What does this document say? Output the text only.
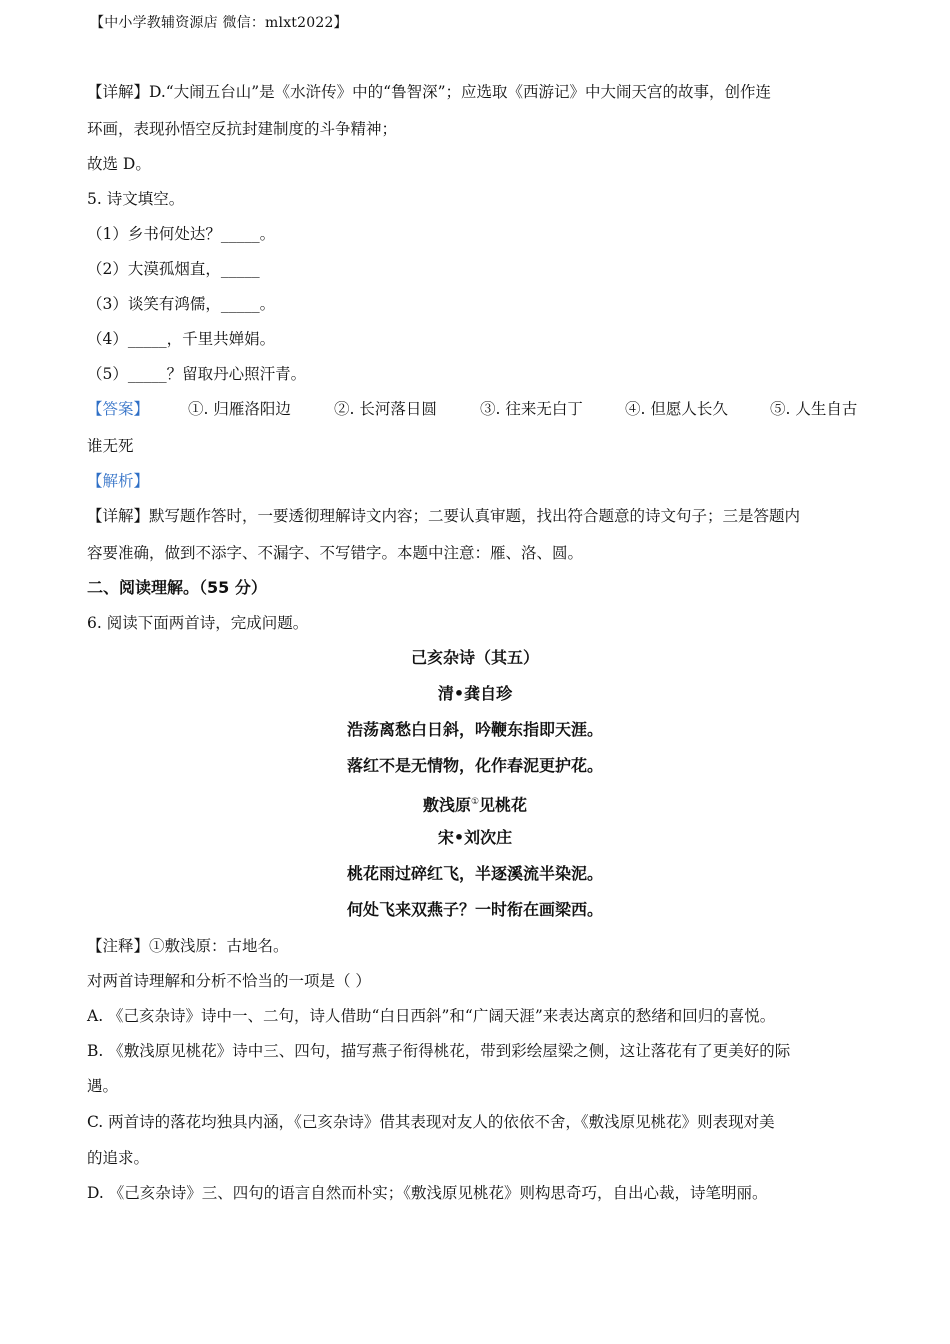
【中小学教辅资源店 微信：mlxt2022】
【详解】D.“大闹五台山”是《水浒传》中的“鲁智深”；应选取《西游记》中大闹天宫的故事，创作连
环画，表现孙悟空反抗封建制度的斗争精神；
故选 D。
5. 诗文填空。
（1）乡书何处达？_____。
（2）大漠孤烟直，_____
（3）谈笑有鸿儒，_____。
（4）_____，千里共婵娟。
（5）_____？留取丹心照汗青。
【答案】	①. 归雁洛阳边	②. 长河落日圆	③. 往来无白丁	④. 但愿人长久	⑤. 人生自古
谁无死
【解析】
【详解】默写题作答时，一要透彻理解诗文内容；二要认真审题，找出符合题意的诗文句子；三是答题内
容要准确，做到不添字、不漏字、不写错字。本题中注意：雁、洛、圆。
二、阅读理解。（55 分）
6. 阅读下面两首诗，完成问题。
己亥杂诗（其五）
清•龚自珍
浩荡离愁白日斜，吟鞭东指即天涯。
落红不是无情物，化作春泥更护花。
敷浅原①见桃花
宋•刘次庄
桃花雨过碎红飞，半逐溪流半染泥。
何处飞来双燕子？一时衔在画梁西。
【注释】①敷浅原：古地名。
对两首诗理解和分析不恰当的一项是（ ）
A. 《己亥杂诗》诗中一、二句，诗人借助“白日西斜”和“广阔天涯”来表达离京的愁绪和回归的喜悦。
B. 《敷浅原见桃花》诗中三、四句，描写燕子衔得桃花，带到彩绘屋梁之侧，这让落花有了更美好的际
遇。
C. 两首诗的落花均独具内涵，《己亥杂诗》借其表现对友人的依依不舍，《敷浅原见桃花》则表现对美
的追求。
D. 《己亥杂诗》三、四句的语言自然而朴实；《敷浅原见桃花》则构思奇巧，自出心裁，诗笔明丽。
